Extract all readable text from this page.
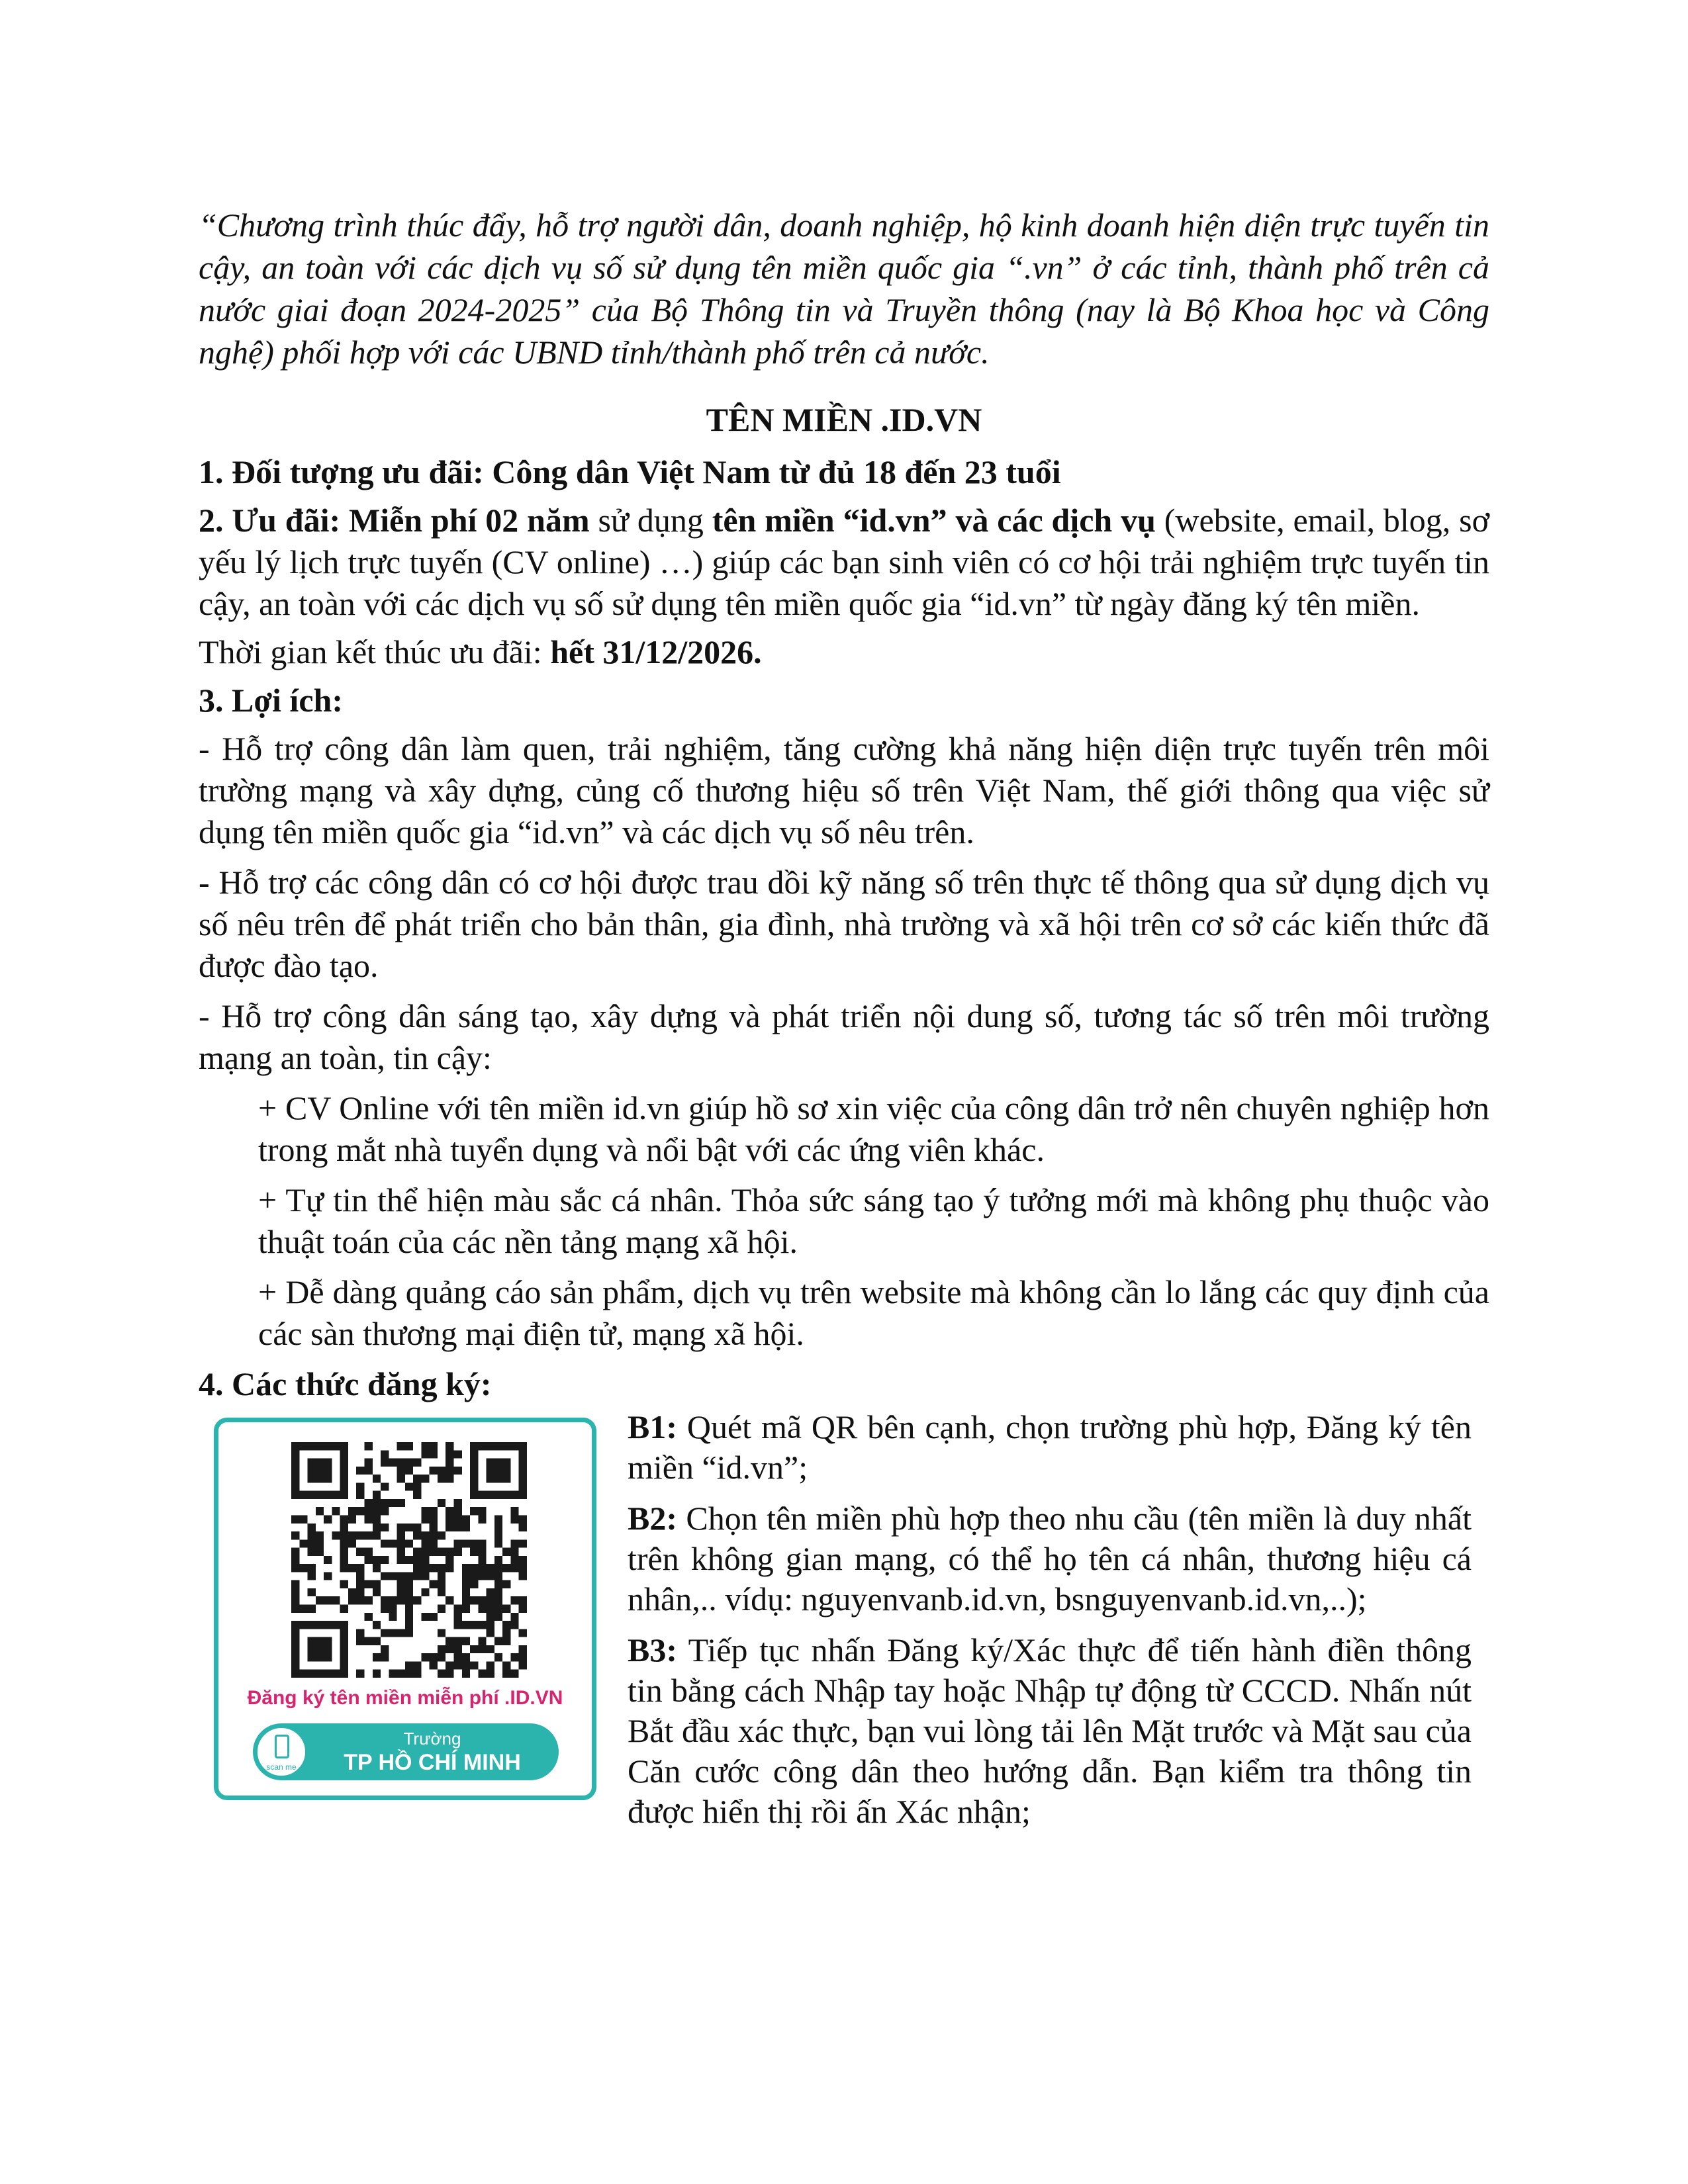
“Chương trình thúc đẩy, hỗ trợ người dân, doanh nghiệp, hộ kinh doanh hiện diện trực tuyến tin cậy, an toàn với các dịch vụ số sử dụng tên miền quốc gia “.vn” ở các tỉnh, thành phố trên cả nước giai đoạn 2024-2025” của Bộ Thông tin và Truyền thông (nay là Bộ Khoa học và Công nghệ) phối hợp với các UBND tỉnh/thành phố trên cả nước.

TÊN MIỀN .ID.VN

1. Đối tượng ưu đãi: Công dân Việt Nam từ đủ 18 đến 23 tuổi

2. Ưu đãi: Miễn phí 02 năm sử dụng tên miền “id.vn” và các dịch vụ (website, email, blog, sơ yếu lý lịch trực tuyến (CV online) …) giúp các bạn sinh viên có cơ hội trải nghiệm trực tuyến tin cậy, an toàn với các dịch vụ số sử dụng tên miền quốc gia “id.vn” từ ngày đăng ký tên miền.

Thời gian kết thúc ưu đãi: hết 31/12/2026.

3. Lợi ích:

- Hỗ trợ công dân làm quen, trải nghiệm, tăng cường khả năng hiện diện trực tuyến trên môi trường mạng và xây dựng, củng cố thương hiệu số trên Việt Nam, thế giới thông qua việc sử dụng tên miền quốc gia “id.vn” và các dịch vụ số nêu trên.

- Hỗ trợ các công dân có cơ hội được trau dồi kỹ năng số trên thực tế thông qua sử dụng dịch vụ số nêu trên để phát triển cho bản thân, gia đình, nhà trường và xã hội trên cơ sở các kiến thức đã được đào tạo.

- Hỗ trợ công dân sáng tạo, xây dựng và phát triển nội dung số, tương tác số trên môi trường mạng an toàn, tin cậy:

+ CV Online với tên miền id.vn giúp hồ sơ xin việc của công dân trở nên chuyên nghiệp hơn trong mắt nhà tuyển dụng và nổi bật với các ứng viên khác.

+ Tự tin thể hiện màu sắc cá nhân. Thỏa sức sáng tạo ý tưởng mới mà không phụ thuộc vào thuật toán của các nền tảng mạng xã hội.

+ Dễ dàng quảng cáo sản phẩm, dịch vụ trên website mà không cần lo lắng các quy định của các sàn thương mại điện tử, mạng xã hội.

4. Các thức đăng ký:

Đăng ký tên miền miễn phí .ID.VN
scan me
Trường
TP HỒ CHÍ MINH

B1: Quét mã QR bên cạnh, chọn trường phù hợp, Đăng ký tên miền “id.vn”;

B2: Chọn tên miền phù hợp theo nhu cầu (tên miền là duy nhất trên không gian mạng, có thể họ tên cá nhân, thương hiệu cá nhân,.. vídụ: nguyenvanb.id.vn, bsnguyenvanb.id.vn,..);

B3: Tiếp tục nhấn Đăng ký/Xác thực để tiến hành điền thông tin bằng cách Nhập tay hoặc Nhập tự động từ CCCD. Nhấn nút Bắt đầu xác thực, bạn vui lòng tải lên Mặt trước và Mặt sau của Căn cước công dân theo hướng dẫn. Bạn kiểm tra thông tin được hiển thị rồi ấn Xác nhận;
